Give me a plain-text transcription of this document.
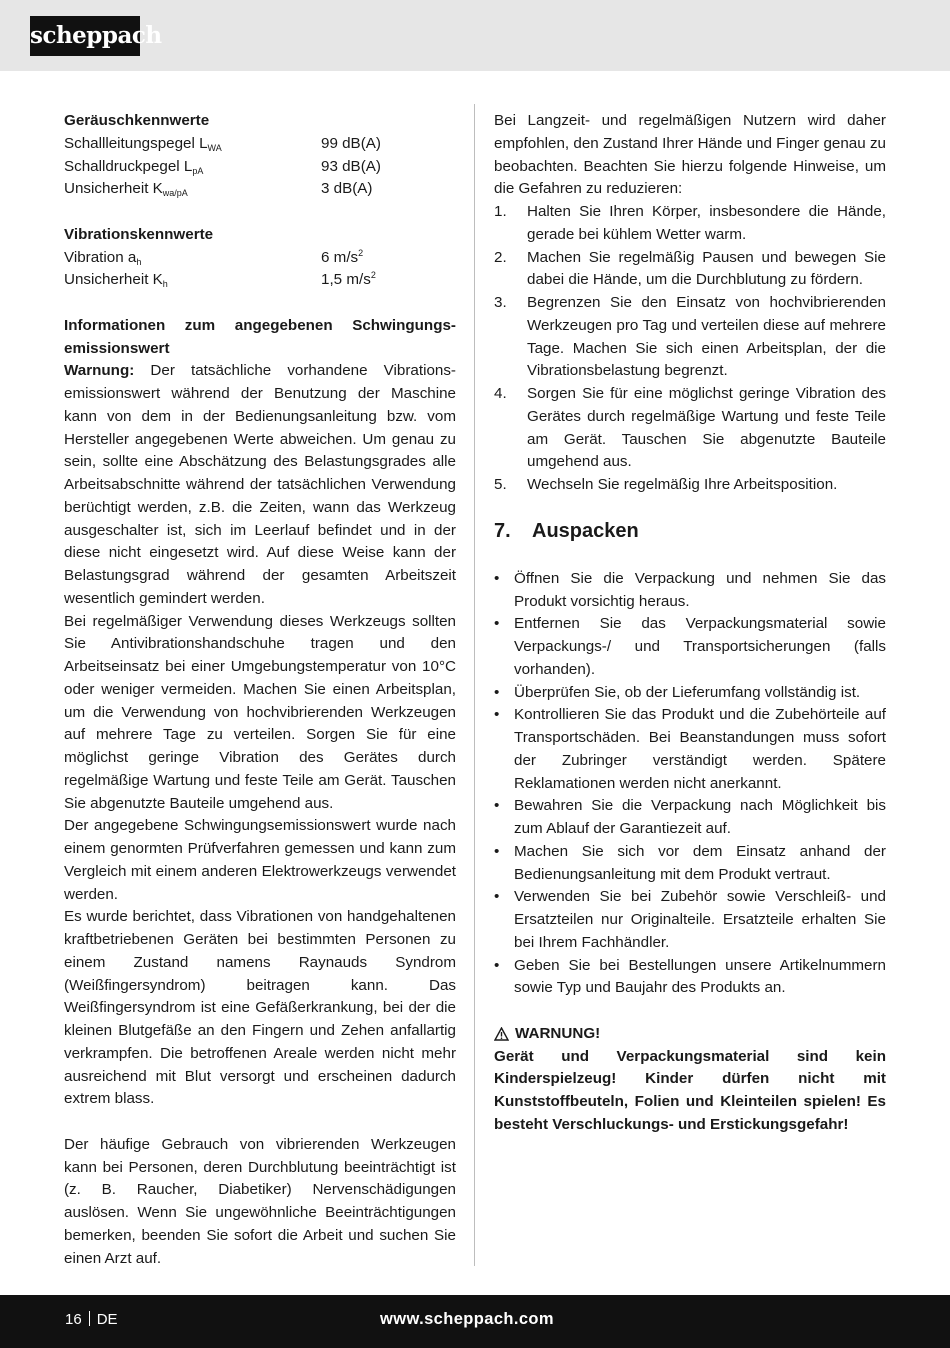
scheppach

Geräuschkennwerte

Schallleitungspegel $L_{WA}$	99 dB(A)
Schalldruckpegel $L_{pA}$	93 dB(A)
Unsicherheit $K_{wa/pA}$	3 dB(A)

Vibrationskennwerte

Vibration $a_h$	6 $m/s^2$
Unsicherheit $K_h$	1,5 $m/s^2$

Informationen zum angegebenen Schwingungs-emissionswert

Warnung: Der tatsächliche vorhandene Vibrations-emissionswert während der Benutzung der Maschine kann von dem in der Bedienungsanleitung bzw. vom Hersteller angegebenen Werte abweichen. Um genau zu sein, sollte eine Abschätzung des Belastungsgrades alle Arbeitsabschnitte während der tatsächlichen Verwendung berüchtigt werden, z.B. die Zeiten, wann das Werkzeug ausgeschalter ist, sich im Leerlauf befindet und in der diese nicht eingesetzt wird. Auf diese Weise kann der Belastungsgrad während der gesamten Arbeitszeit wesentlich gemindert werden.

Bei regelmäßiger Verwendung dieses Werkzeugs sollten Sie Antivibrationshandschuhe tragen und den Arbeitseinsatz bei einer Umgebungstemperatur von 10°C oder weniger vermeiden. Machen Sie einen Arbeitsplan, um die Verwendung von hochvibrierenden Werkzeugen auf mehrere Tage zu verteilen. Sorgen Sie für eine möglichst geringe Vibration des Gerätes durch regelmäßige Wartung und feste Teile am Gerät. Tauschen Sie abgenutzte Bauteile umgehend aus.

Der angegebene Schwingungsemissionswert wurde nach einem genormten Prüfverfahren gemessen und kann zum Vergleich mit einem anderen Elektrowerkzeugs verwendet werden.

Es wurde berichtet, dass Vibrationen von handgehaltenen kraftbetriebenen Geräten bei bestimmten Personen zu einem Zustand namens Raynauds Syndrom (Weißfingersyndrom) beitragen kann. Das Weißfingersyndrom ist eine Gefäßerkrankung, bei der die kleinen Blutgefäße an den Fingern und Zehen anfallartig verkrampfen. Die betroffenen Areale werden nicht mehr ausreichend mit Blut versorgt und erscheinen dadurch extrem blass.

Der häufige Gebrauch von vibrierenden Werkzeugen kann bei Personen, deren Durchblutung beeinträchtigt ist (z. B. Raucher, Diabetiker) Nervenschädigungen auslösen. Wenn Sie ungewöhnliche Beeinträchtigungen bemerken, beenden Sie sofort die Arbeit und suchen Sie einen Arzt auf.

Bei Langzeit- und regelmäßigen Nutzern wird daher empfohlen, den Zustand Ihrer Hände und Finger genau zu beobachten. Beachten Sie hierzu folgende Hinweise, um die Gefahren zu reduzieren:

1.	Halten Sie Ihren Körper, insbesondere die Hände, gerade bei kühlem Wetter warm.
2.	Machen Sie regelmäßig Pausen und bewegen Sie dabei die Hände, um die Durchblutung zu fördern.
3.	Begrenzen Sie den Einsatz von hochvibrierenden Werkzeugen pro Tag und verteilen diese auf mehrere Tage. Machen Sie sich einen Arbeitsplan, der die Vibrationsbelastung begrenzt.
4.	Sorgen Sie für eine möglichst geringe Vibration des Gerätes durch regelmäßige Wartung und feste Teile am Gerät. Tauschen Sie abgenutzte Bauteile umgehend aus.
5.	Wechseln Sie regelmäßig Ihre Arbeitsposition.
7.	Auspacken
• Öffnen Sie die Verpackung und nehmen Sie das Produkt vorsichtig heraus.
• Entfernen Sie das Verpackungsmaterial sowie Verpackungs-/ und Transportsicherungen (falls vorhanden).
• Überprüfen Sie, ob der Lieferumfang vollständig ist.
• Kontrollieren Sie das Produkt und die Zubehörteile auf Transportschäden. Bei Beanstandungen muss sofort der Zubringer verständigt werden. Spätere Reklamationen werden nicht anerkannt.
• Bewahren Sie die Verpackung nach Möglichkeit bis zum Ablauf der Garantiezeit auf.
• Machen Sie sich vor dem Einsatz anhand der Bedienungsanleitung mit dem Produkt vertraut.
• Verwenden Sie bei Zubehör sowie Verschleiß- und Ersatzteilen nur Originalteile. Ersatzteile erhalten Sie bei Ihrem Fachhändler.
• Geben Sie bei Bestellungen unsere Artikelnummern sowie Typ und Baujahr des Produkts an.
WARNUNG!

Gerät und Verpackungsmaterial sind kein Kinderspielzeug! Kinder dürfen nicht mit Kunststoffbeuteln, Folien und Kleinteilen spielen! Es besteht Verschluckungs- und Erstickungsgefahr!

16 DE	www.scheppach.com
